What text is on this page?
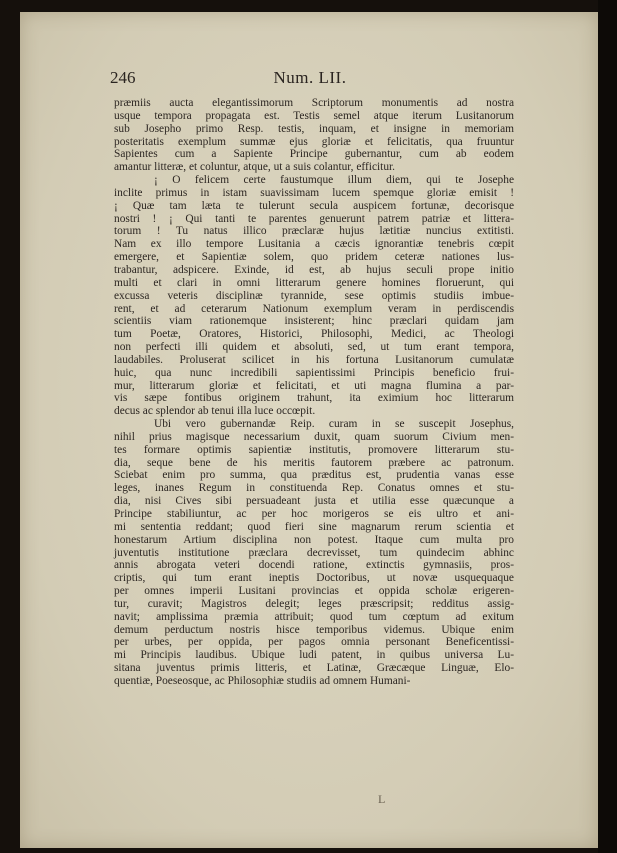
246	Num. LII.
præmiis aucta elegantissimorum Scriptorum monumentis ad nostra
usque tempora propagata est. Testis semel atque iterum Lusitanorum
sub Josepho primo Resp. testis, inquam, et insigne in memoriam
posteritatis exemplum summæ ejus gloriæ et felicitatis, qua fruuntur
Sapientes cum a Sapiente Principe gubernantur, cum ab eodem
amantur litteræ, et coluntur, atque, ut a suis colantur, efficitur.
¡ O felicem certe faustumque illum diem, qui te Josephe
inclite primus in istam suavissimam lucem spemque gloriæ emisit !
¡ Quæ tam læta te tulerunt secula auspicem fortunæ, decorisque
nostri ! ¡ Qui tanti te parentes genuerunt patrem patriæ et littera-
torum ! Tu natus illico præclaræ hujus lætitiæ nuncius extitisti.
Nam ex illo tempore Lusitania a cæcis ignorantiæ tenebris cœpit
emergere, et Sapientiæ solem, quo pridem ceteræ nationes lus-
trabantur, adspicere. Exinde, id est, ab hujus seculi prope initio
multi et clari in omni litterarum genere homines floruerunt, qui
excussa veteris disciplinæ tyrannide, sese optimis studiis imbue-
rent, et ad ceterarum Nationum exemplum veram in perdiscendis
scientiis viam rationemque insisterent; hinc præclari quidam jam
tum Poetæ, Oratores, Historici, Philosophi, Medici, ac Theologi
non perfecti illi quidem et absoluti, sed, ut tum erant tempora,
laudabiles. Proluserat scilicet in his fortuna Lusitanorum cumulatæ
huic, qua nunc incredibili sapientissimi Principis beneficio frui-
mur, litterarum gloriæ et felicitati, et uti magna flumina a par-
vis sæpe fontibus originem trahunt, ita eximium hoc litterarum
decus ac splendor ab tenui illa luce occœpit.
Ubi vero gubernandæ Reip. curam in se suscepit Josephus,
nihil prius magisque necessarium duxit, quam suorum Civium men-
tes formare optimis sapientiæ institutis, promovere litterarum stu-
dia, seque bene de his meritis fautorem præbere ac patronum.
Sciebat enim pro summa, qua præditus est, prudentia vanas esse
leges, inanes Regum in constituenda Rep. Conatus omnes et stu-
dia, nisi Cives sibi persuadeant justa et utilia esse quæcunque a
Principe stabiliuntur, ac per hoc morigeros se eis ultro et ani-
mi sententia reddant; quod fieri sine magnarum rerum scientia et
honestarum Artium disciplina non potest. Itaque cum multa pro
juventutis institutione præclara decrevisset, tum quindecim abhinc
annis abrogata veteri docendi ratione, extinctis gymnasiis, pros-
criptis, qui tum erant ineptis Doctoribus, ut novæ usquequaque
per omnes imperii Lusitani provincias et oppida scholæ erigeren-
tur, curavit; Magistros delegit; leges præscripsit; redditus assig-
navit; amplissima præmia attribuit; quod tum cœptum ad exitum
demum perductum nostris hisce temporibus videmus. Ubique enim
per urbes, per oppida, per pagos omnia personant Beneficentissi-
mi Principis laudibus. Ubique ludi patent, in quibus universa Lu-
sitana juventus primis litteris, et Latinæ, Græcæque Linguæ, Elo-
quentiæ, Poeseosque, ac Philosophiæ studiis ad omnem Humani-
L
